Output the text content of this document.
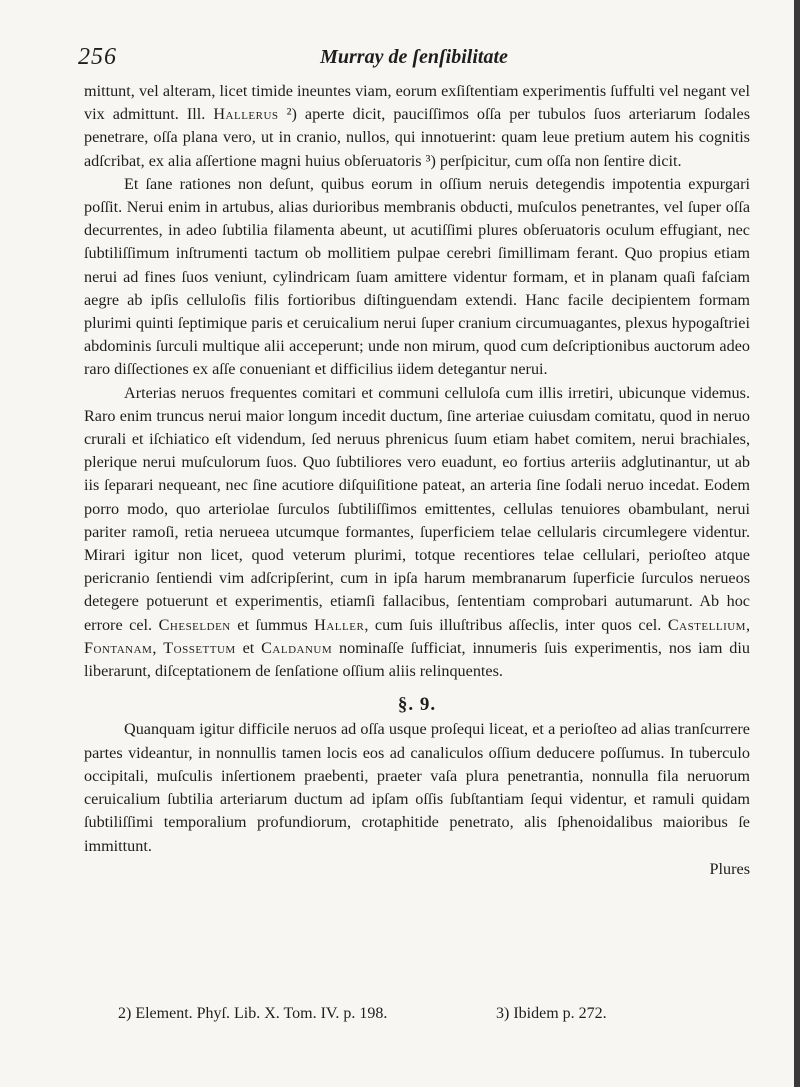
256	Murray de ſenſibilitate

mittunt, vel alteram, licet timide ineuntes viam, eorum exſiſtentiam experimentis ſuffulti vel negant vel vix admittunt. Ill. Hallerus ²) aperte dicit, pauciſſimos oſſa per tubulos ſuos arteriarum ſodales penetrare, oſſa plana vero, ut in cranio, nullos, qui innotuerint: quam leue pretium autem his cognitis adſcribat, ex alia aſſertione magni huius obſeruatoris ³) perſpicitur, cum oſſa non ſentire dicit.

Et ſane rationes non deſunt, quibus eorum in oſſium neruis detegendis impotentia expurgari poſſit. Nerui enim in artubus, alias durioribus membranis obducti, muſculos penetrantes, vel ſuper oſſa decurrentes, in adeo ſubtilia filamenta abeunt, ut acutiſſimi plures obſeruatoris oculum effugiant, nec ſubtiliſſimum inſtrumenti tactum ob mollitiem pulpae cerebri ſimillimam ferant. Quo propius etiam nerui ad fines ſuos veniunt, cylindricam ſuam amittere videntur formam, et in planam quaſi faſciam aegre ab ipſis celluloſis filis fortioribus diſtinguendam extendi. Hanc facile decipientem formam plurimi quinti ſeptimique paris et ceruicalium nerui ſuper cranium circumuagantes, plexus hypogaſtriei abdominis ſurculi multique alii acceperunt; unde non mirum, quod cum deſcriptionibus auctorum adeo raro diſſectiones ex aſſe conueniant et difficilius iidem detegantur nerui.

Arterias neruos frequentes comitari et communi celluloſa cum illis irretiri, ubicunque videmus. Raro enim truncus nerui maior longum incedit ductum, ſine arteriae cuiusdam comitatu, quod in neruo crurali et iſchiatico eſt videndum, ſed neruus phrenicus ſuum etiam habet comitem, nerui brachiales, plerique nerui muſculorum ſuos. Quo ſubtiliores vero euadunt, eo fortius arteriis adglutinantur, ut ab iis ſeparari nequeant, nec ſine acutiore diſquiſitione pateat, an arteria ſine ſodali neruo incedat. Eodem porro modo, quo arteriolae ſurculos ſubtiliſſimos emittentes, cellulas tenuiores obambulant, nerui pariter ramoſi, retia nerueea utcumque formantes, ſuperficiem telae cellularis circumlegere videntur. Mirari igitur non licet, quod veterum plurimi, totque recentiores telae cellulari, perioſteo atque pericranio ſentiendi vim adſcripſerint, cum in ipſa harum membranarum ſuperficie ſurculos nerueos detegere potuerunt et experimentis, etiamſi fallacibus, ſententiam comprobari autumarunt. Ab hoc errore cel. Cheselden et ſummus Haller, cum ſuis illuſtribus aſſeclis, inter quos cel. Castellium, Fontanam, Tossettum et Caldanum nominaſſe ſufficiat, innumeris ſuis experimentis, nos iam diu liberarunt, diſceptationem de ſenſatione oſſium aliis relinquentes.

§. 9.

Quanquam igitur difficile neruos ad oſſa usque proſequi liceat, et a perioſteo ad alias tranſcurrere partes videantur, in nonnullis tamen locis eos ad canaliculos oſſium deducere poſſumus. In tuberculo occipitali, muſculis inſertionem praebenti, praeter vaſa plura penetrantia, nonnulla fila neruorum ceruicalium ſubtilia arteriarum ductum ad ipſam oſſis ſubſtantiam ſequi videntur, et ramuli quidam ſubtiliſſimi temporalium profundiorum, crotaphitide penetrato, alis ſphenoidalibus maioribus ſe immittunt.

Plures

2) Element. Phyſ. Lib. X. Tom. IV. p. 198.	3) Ibidem p. 272.
